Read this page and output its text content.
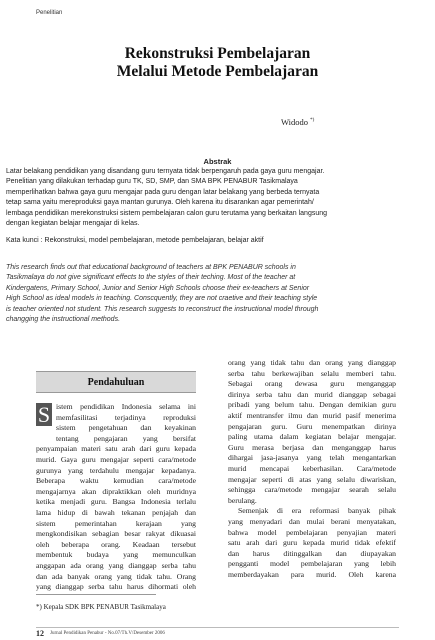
Penelitian
Rekonstruksi Pembelajaran
Melalui Metode Pembelajaran
Widodo *)
Abstrak
Latar belakang pendidikan yang disandang guru ternyata tidak berpengaruh pada gaya guru mengajar.
Penelitian yang dilakukan terhadap guru TK, SD, SMP, dan SMA BPK PENABUR Tasikmalaya
memperlihatkan bahwa gaya guru mengajar pada guru dengan latar belakang yang berbeda ternyata
tetap sama yaitu mereproduksi gaya mantan gurunya. Oleh karena itu disarankan agar pemerintah/
lembaga pendidikan merekonstruksi sistem pembelajaran calon guru terutama yang berkaitan langsung
dengan kegiatan belajar mengajar di kelas.
Kata kunci : Rekonstruksi, model pembelajaran, metode pembelajaran, belajar aktif
This research finds out that educational background of teachers at BPK PENABUR schools in
Tasikmalaya do not give significant effects to the styles of their teching. Most of the teacher at
Kindergatens, Primary School, Junior and Senior High Schools choose their ex-teachers at Senior
High School as ideal models in teaching. Conscquently, they are not craetive and their teaching style
is teacher oriented not student. This research suggests to reconstruct the instructional model through
changging the instructional methods.
Pendahuluan
S istem pendidikan Indonesia selama ini
memfasilitasi terjadinya reproduksi
sistem pengetahuan dan keyakinan
tentang pengajaran yang bersifat
penyampaian materi satu arah dari guru kepada
murid. Gaya guru mengajar seperti cara/metode
gurunya yang terdahulu mengajar kepadanya.
Beberapa waktu kemudian cara/metode
mengajarnya akan dipraktikkan oleh muridnya
ketika menjadi guru. Bangsa Indonesia terlalu
lama hidup di bawah tekanan penjajah dan
sistem pemerintahan kerajaan yang
mengkondisikan sebagian besar rakyat dikuasai
oleh beberapa orang. Keadaan tersebut
membentuk budaya yang memunculkan
anggapan ada orang yang dianggap serba tahu
dan ada banyak orang yang tidak tahu. Orang
yang dianggap serba tahu harus dihormati oleh
orang yang tidak tahu dan orang yang dianggap
serba tahu berkewajiban selalu memberi tahu.
Sebagai orang dewasa guru menganggap
dirinya serba tahu dan murid dianggap sebagai
pribadi yang belum tahu. Dengan demikian guru
aktif mentransfer ilmu dan murid pasif menerima
pengajaran guru. Guru menempatkan dirinya
paling utama dalam kegiatan belajar mengajar.
Guru merasa berjasa dan menganggap harus
dihargai jasa-jasanya yang telah mengantarkan
murid mencapai keberhasilan. Cara/metode
mengajar seperti di atas yang selalu diwariskan,
sehingga cara/metode mengajar searah selalu
berulang.
Semenjak di era reformasi banyak pihak
yang menyadari dan mulai berani menyatakan,
bahwa model pembelajaran penyajian materi
satu arah dari guru kepada murid tidak efektif
dan harus ditinggalkan dan diupayakan
pengganti model pembelajaran yang lebih
memberdayakan para murid. Oleh karena
*) Kepala SDK BPK PENABUR Tasikmalaya
12 Jurnal Pendidikan Penabur - No.07/Th.V/Desember 2006
